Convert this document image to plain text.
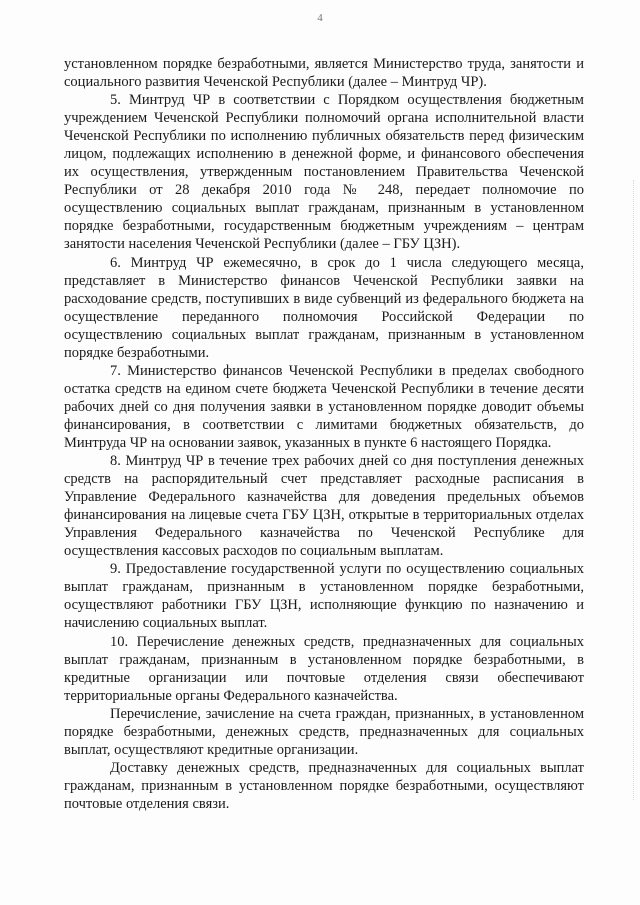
4

установленном порядке безработными, является Министерство труда, занятости и социального развития Чеченской Республики (далее – Минтруд ЧР).

5. Минтруд ЧР в соответствии с Порядком осуществления бюджетным учреждением Чеченской Республики полномочий органа исполнительной власти Чеченской Республики по исполнению публичных обязательств перед физическим лицом, подлежащих исполнению в денежной форме, и финансового обеспечения их осуществления, утвержденным постановлением Правительства Чеченской Республики от 28 декабря 2010 года № 248, передает полномочие по осуществлению социальных выплат гражданам, признанным в установленном порядке безработными, государственным бюджетным учреждениям – центрам занятости населения Чеченской Республики (далее – ГБУ ЦЗН).

6. Минтруд ЧР ежемесячно, в срок до 1 числа следующего месяца, представляет в Министерство финансов Чеченской Республики заявки на расходование средств, поступивших в виде субвенций из федерального бюджета на осуществление переданного полномочия Российской Федерации по осуществлению социальных выплат гражданам, признанным в установленном порядке безработными.

7. Министерство финансов Чеченской Республики в пределах свободного остатка средств на едином счете бюджета Чеченской Республики в течение десяти рабочих дней со дня получения заявки в установленном порядке доводит объемы финансирования, в соответствии с лимитами бюджетных обязательств, до Минтруда ЧР на основании заявок, указанных в пункте 6 настоящего Порядка.

8. Минтруд ЧР в течение трех рабочих дней со дня поступления денежных средств на распорядительный счет представляет расходные расписания в Управление Федерального казначейства для доведения предельных объемов финансирования на лицевые счета ГБУ ЦЗН, открытые в территориальных отделах Управления Федерального казначейства по Чеченской Республике для осуществления кассовых расходов по социальным выплатам.

9. Предоставление государственной услуги по осуществлению социальных выплат гражданам, признанным в установленном порядке безработными, осуществляют работники ГБУ ЦЗН, исполняющие функцию по назначению и начислению социальных выплат.

10. Перечисление денежных средств, предназначенных для социальных выплат гражданам, признанным в установленном порядке безработными, в кредитные организации или почтовые отделения связи обеспечивают территориальные органы Федерального казначейства.

Перечисление, зачисление на счета граждан, признанных, в установленном порядке безработными, денежных средств, предназначенных для социальных выплат, осуществляют кредитные организации.

Доставку денежных средств, предназначенных для социальных выплат гражданам, признанным в установленном порядке безработными, осуществляют почтовые отделения связи.
